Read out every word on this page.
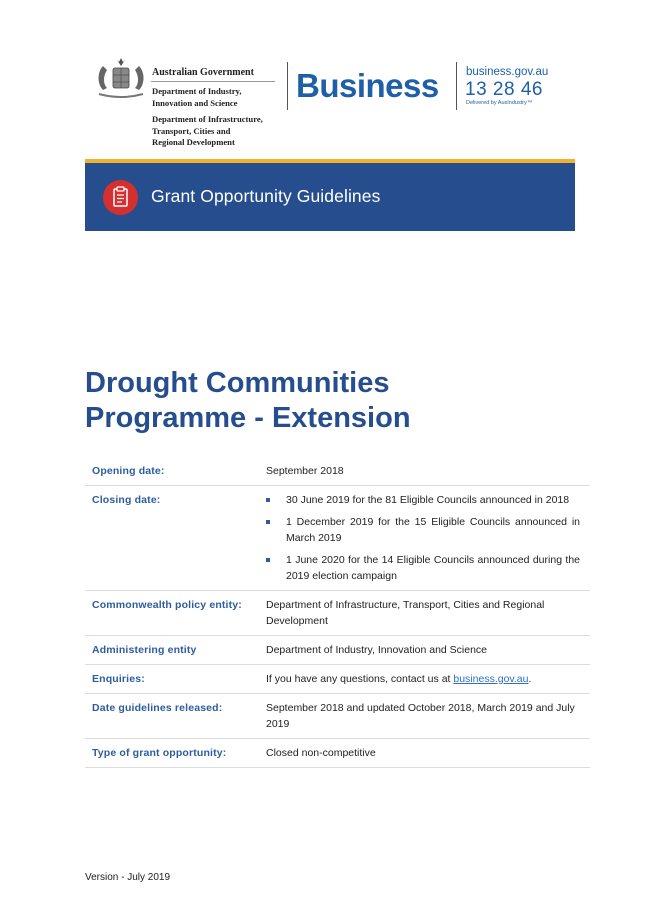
Australian Government
Department of Industry,
Innovation and Science
Department of Infrastructure,
Transport, Cities and
Regional Development
Business business.gov.au
13 28 46
Delivered by AusIndustry™
Grant Opportunity Guidelines
Drought Communities
Programme - Extension
Opening date:	September 2018
Closing date:	30 June 2019 for the 81 Eligible Councils announced in 2018
1 December 2019 for the 15 Eligible Councils announced in March 2019
1 June 2020 for the 14 Eligible Councils announced during the 2019 election campaign
Commonwealth policy entity:	Department of Infrastructure, Transport, Cities and Regional Development
Administering entity	Department of Industry, Innovation and Science
Enquiries:	If you have any questions, contact us at business.gov.au.
Date guidelines released:	September 2018 and updated October 2018, March 2019 and July 2019
Type of grant opportunity:	Closed non-competitive
Version - July 2019
